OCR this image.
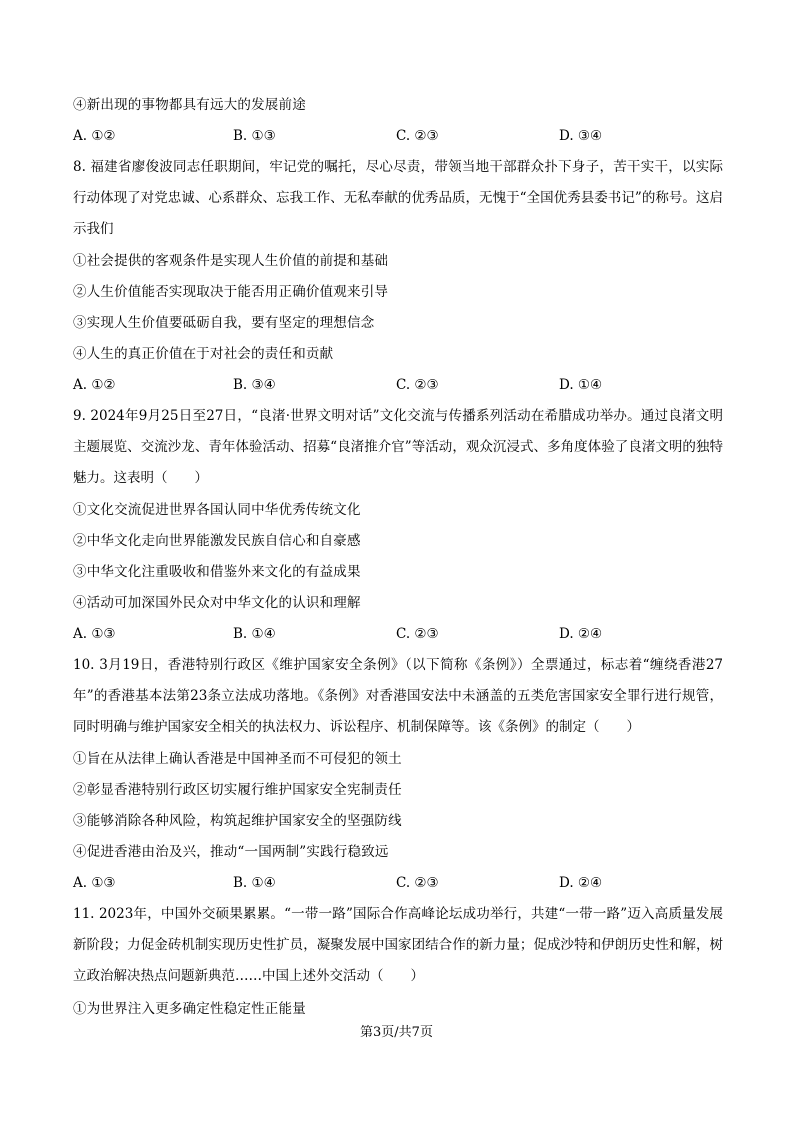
④新出现的事物都具有远大的发展前途
A. ①②	B. ①③	C. ②③	D. ③④
8. 福建省廖俊波同志任职期间，牢记党的嘱托，尽心尽责，带领当地干部群众扑下身子，苦干实干，以实际行动体现了对党忠诚、心系群众、忘我工作、无私奉献的优秀品质，无愧于“全国优秀县委书记”的称号。这启示我们
①社会提供的客观条件是实现人生价值的前提和基础
②人生价值能否实现取决于能否用正确价值观来引导
③实现人生价值要砥砺自我，要有坚定的理想信念
④人生的真正价值在于对社会的责任和贡献
A. ①②	B. ③④	C. ②③	D. ①④
9. 2024年9月25日至27日，“良渚·世界文明对话”文化交流与传播系列活动在希腊成功举办。通过良渚文明主题展览、交流沙龙、青年体验活动、招募“良渚推介官”等活动，观众沉浸式、多角度体验了良渚文明的独特魅力。这表明（　　）
①文化交流促进世界各国认同中华优秀传统文化
②中华文化走向世界能激发民族自信心和自豪感
③中华文化注重吸收和借鉴外来文化的有益成果
④活动可加深国外民众对中华文化的认识和理解
A. ①③	B. ①④	C. ②③	D. ②④
10. 3月19日，香港特别行政区《维护国家安全条例》（以下简称《条例》）全票通过，标志着“缠绕香港27年”的香港基本法第23条立法成功落地。《条例》对香港国安法中未涵盖的五类危害国家安全罪行进行规管，同时明确与维护国家安全相关的执法权力、诉讼程序、机制保障等。该《条例》的制定（　　）
①旨在从法律上确认香港是中国神圣而不可侵犯的领土
②彰显香港特别行政区切实履行维护国家安全宪制责任
③能够消除各种风险，构筑起维护国家安全的坚强防线
④促进香港由治及兴，推动“一国两制”实践行稳致远
A. ①③	B. ①④	C. ②③	D. ②④
11. 2023年，中国外交硕果累累。“一带一路”国际合作高峰论坛成功举行，共建“一带一路”迈入高质量发展新阶段；力促金砖机制实现历史性扩员，凝聚发展中国家团结合作的新力量；促成沙特和伊朗历史性和解，树立政治解决热点问题新典范……中国上述外交活动（　　）
①为世界注入更多确定性稳定性正能量
第3页/共7页
